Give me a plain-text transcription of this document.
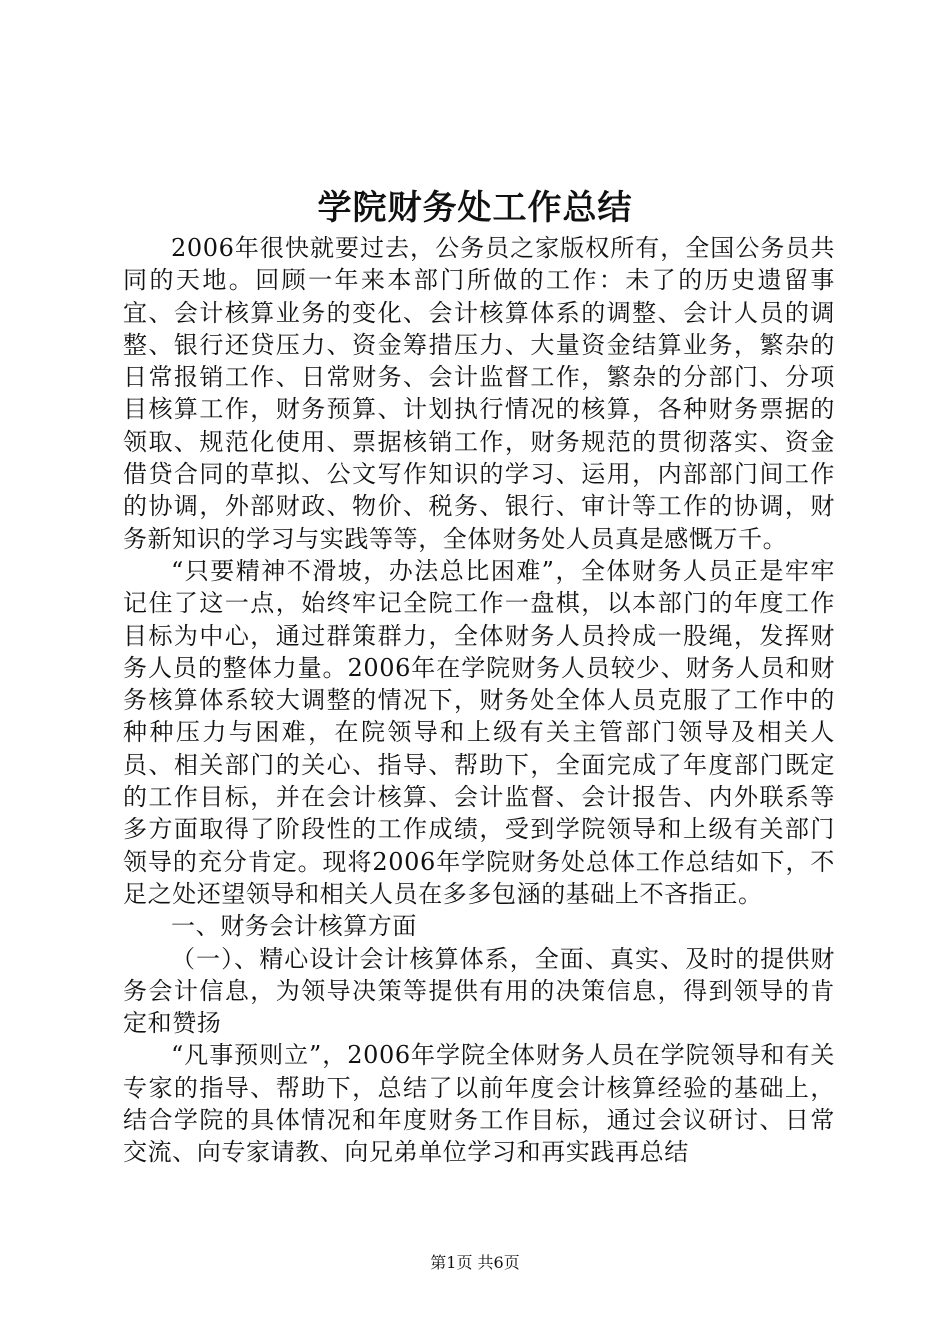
学院财务处工作总结

2006年很快就要过去，公务员之家版权所有，全国公务员共同的天地。回顾一年来本部门所做的工作：未了的历史遗留事宜、会计核算业务的变化、会计核算体系的调整、会计人员的调整、银行还贷压力、资金筹措压力、大量资金结算业务，繁杂的日常报销工作、日常财务、会计监督工作，繁杂的分部门、分项目核算工作，财务预算、计划执行情况的核算，各种财务票据的领取、规范化使用、票据核销工作，财务规范的贯彻落实、资金借贷合同的草拟、公文写作知识的学习、运用，内部部门间工作的协调，外部财政、物价、税务、银行、审计等工作的协调，财务新知识的学习与实践等等，全体财务处人员真是感慨万千。

“只要精神不滑坡，办法总比困难”，全体财务人员正是牢牢记住了这一点，始终牢记全院工作一盘棋，以本部门的年度工作目标为中心，通过群策群力，全体财务人员拎成一股绳，发挥财务人员的整体力量。2006年在学院财务人员较少、财务人员和财务核算体系较大调整的情况下，财务处全体人员克服了工作中的种种压力与困难，在院领导和上级有关主管部门领导及相关人员、相关部门的关心、指导、帮助下，全面完成了年度部门既定的工作目标，并在会计核算、会计监督、会计报告、内外联系等多方面取得了阶段性的工作成绩，受到学院领导和上级有关部门领导的充分肯定。现将2006年学院财务处总体工作总结如下，不足之处还望领导和相关人员在多多包涵的基础上不吝指正。

一、财务会计核算方面

（一）、精心设计会计核算体系，全面、真实、及时的提供财务会计信息，为领导决策等提供有用的决策信息，得到领导的肯定和赞扬

“凡事预则立”，2006年学院全体财务人员在学院领导和有关专家的指导、帮助下，总结了以前年度会计核算经验的基础上，结合学院的具体情况和年度财务工作目标，通过会议研讨、日常交流、向专家请教、向兄弟单位学习和再实践再总结

第1页 共6页
